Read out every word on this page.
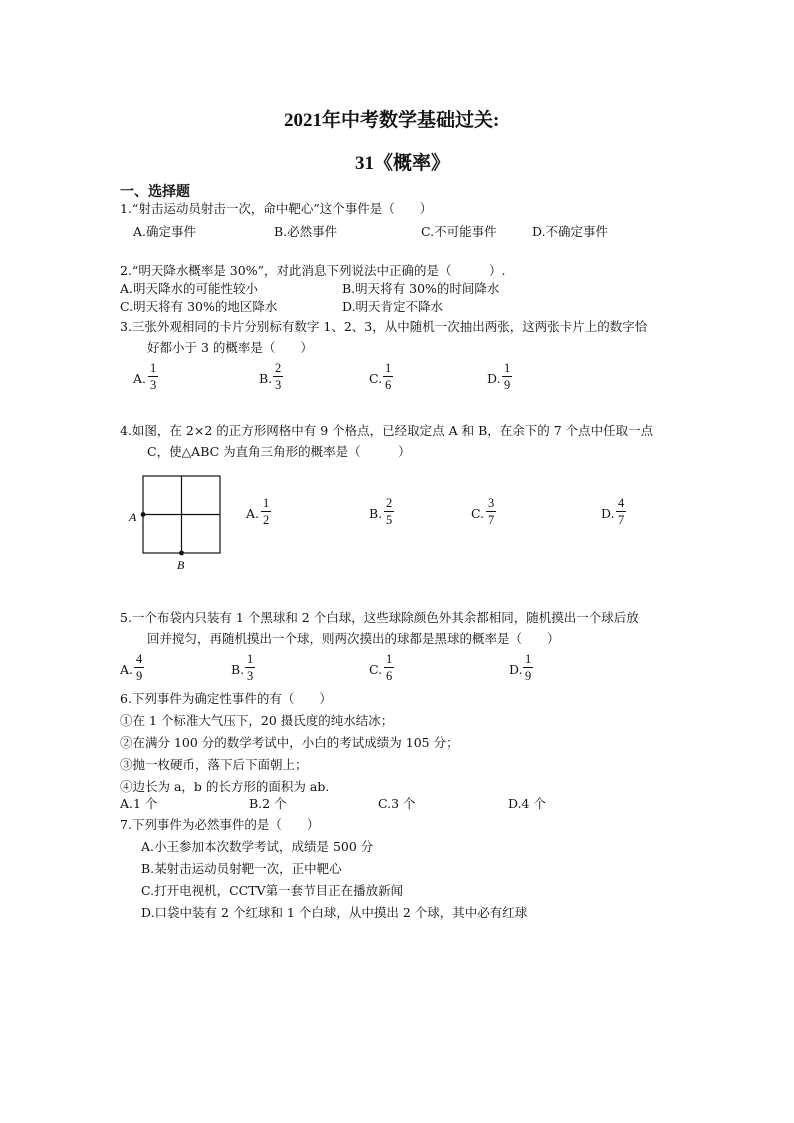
2021年中考数学基础过关:
31《概率》
一、选择题
1.“射击运动员射击一次，命中靶心”这个事件是（　　）
A.确定事件	B.必然事件	C.不可能事件	D.不确定事件
2.“明天降水概率是 30%”，对此消息下列说法中正确的是（　　　）.
A.明天降水的可能性较小	B.明天将有 30%的时间降水
C.明天将有 30%的地区降水	D.明天肯定不降水
3.三张外观相同的卡片分别标有数字 1、2、3，从中随机一次抽出两张，这两张卡片上的数字恰
好都小于 3 的概率是（　　）
A. $\frac{1}{3}$	B. $\frac{2}{3}$	C. $\frac{1}{6}$	D. $\frac{1}{9}$
4.如图，在 2×2 的正方形网格中有 9 个格点，已经取定点 A 和 B，在余下的 7 个点中任取一点
C，使△ABC 为直角三角形的概率是（　　　）
A
B
A. $\frac{1}{2}$	B. $\frac{2}{5}$	C. $\frac{3}{7}$	D. $\frac{4}{7}$
5.一个布袋内只装有 1 个黑球和 2 个白球，这些球除颜色外其余都相同，随机摸出一个球后放
回并搅匀，再随机摸出一个球，则两次摸出的球都是黑球的概率是（　　）
A. $\frac{4}{9}$	B. $\frac{1}{3}$	C. $\frac{1}{6}$	D. $\frac{1}{9}$
6.下列事件为确定性事件的有（　　）
①在 1 个标准大气压下，20 摄氏度的纯水结冰；
②在满分 100 分的数学考试中，小白的考试成绩为 105 分；
③抛一枚硬币，落下后下面朝上；
④边长为 a，b 的长方形的面积为 ab.
A.1 个	B.2 个	C.3 个	D.4 个
7.下列事件为必然事件的是（　　）
A.小王参加本次数学考试，成绩是 500 分
B.某射击运动员射靶一次，正中靶心
C.打开电视机，CCTV第一套节目正在播放新闻
D.口袋中装有 2 个红球和 1 个白球，从中摸出 2 个球，其中必有红球
